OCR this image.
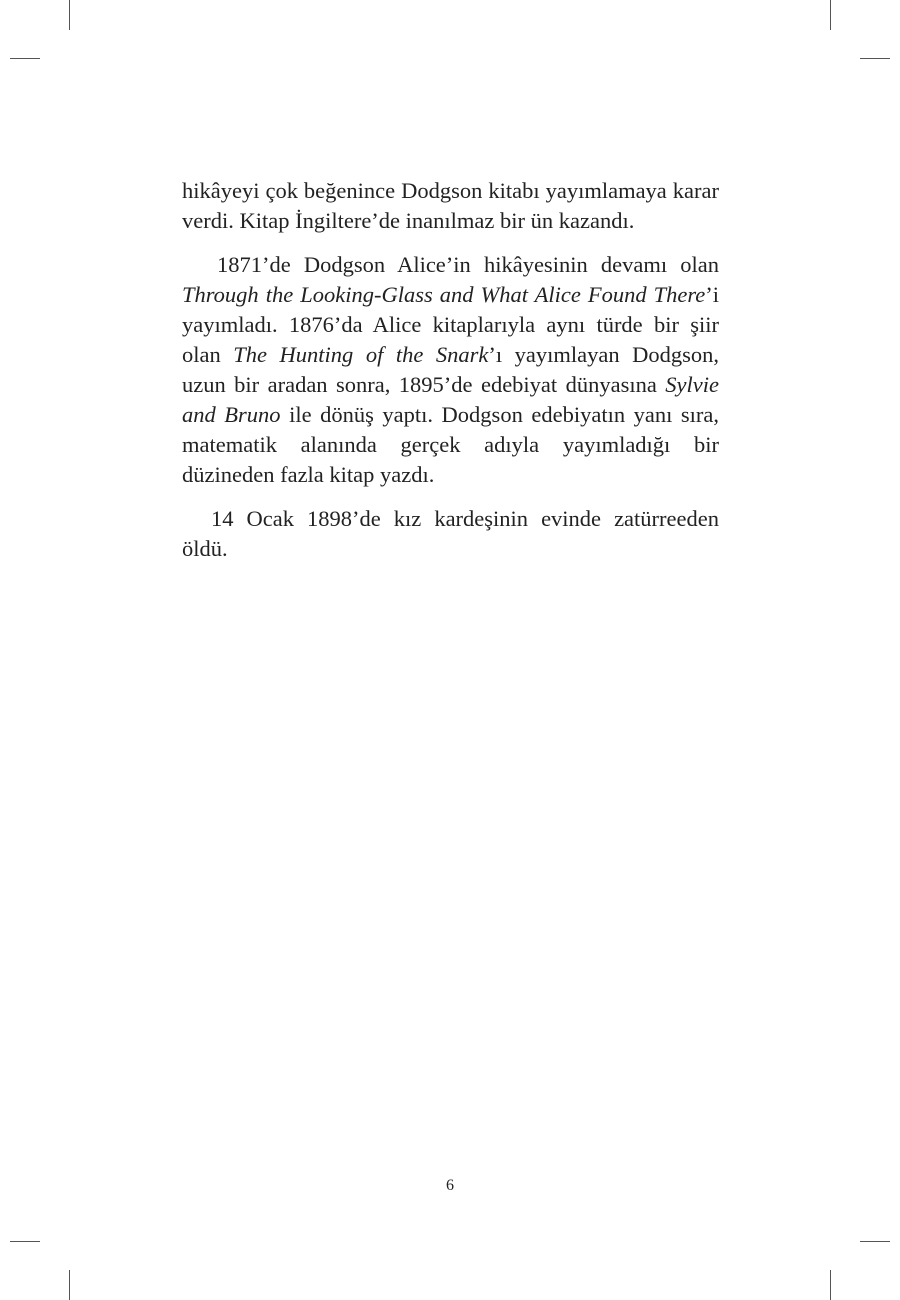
hikâyeyi çok beğenince Dodgson kitabı yayımlamaya karar verdi. Kitap İngiltere’de inanılmaz bir ün kazandı.

1871’de Dodgson Alice’in hikâyesinin devamı olan Through the Looking-Glass and What Alice Found There’i yayımladı. 1876’da Alice kitaplarıyla aynı türde bir şiir olan The Hunting of the Snark’ı yayımlayan Dodgson, uzun bir aradan sonra, 1895’de edebiyat dünyasına Sylvie and Bruno ile dönüş yaptı. Dodgson edebiyatın yanı sıra, matematik alanında gerçek adıyla yayımladığı bir düzineden fazla kitap yazdı.

14 Ocak 1898’de kız kardeşinin evinde zatürreeden öldü.

6
